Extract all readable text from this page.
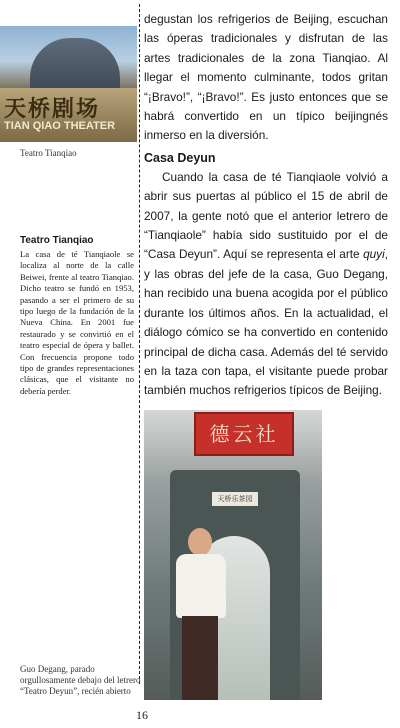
天桥剧场
TIAN QIAO THEATER
Teatro Tianqiao
Teatro Tianqiao

La casa de té Tianqiaole se localiza al norte de la calle Beiwei, frente al teatro Tianqiao. Dicho teatro se fundó en 1953, pasando a ser el primero de su tipo luego de la fundación de la Nueva China. En 2001 fue restaurado y se convirtió en el teatro especial de ópera y ballet. Con frecuencia propone todo tipo de grandes representaciones clásicas, que el visitante no debería perder.

degustan los refrigerios de Beijing, escuchan las óperas tradicionales y disfrutan de las artes tradicionales de la zona Tianqiao. Al llegar el momento culminante, todos gritan “¡Bravo!”, “¡Bravo!”. Es justo entonces que se habrá convertido en un típico beijingnés inmerso en la diversión.

Casa Deyun

Cuando la casa de té Tianqiaole volvió a abrir sus puertas al público el 15 de abril de 2007, la gente notó que el anterior letrero de “Tianqiaole” había sido sustituido por el de “Casa Deyun”. Aquí se representa el arte quyi, y las obras del jefe de la casa, Guo Degang, han recibido una buena acogida por el público durante los últimos años. En la actualidad, el diálogo cómico se ha convertido en contenido principal de dicha casa. Además del té servido en la taza con tapa, el visitante puede probar también muchos refrigerios típicos de Beijing.

德云社
天桥乐茶园
Guo Degang, parado orgullosamente debajo del letrero “Teatro Deyun”, recién abierto
16
